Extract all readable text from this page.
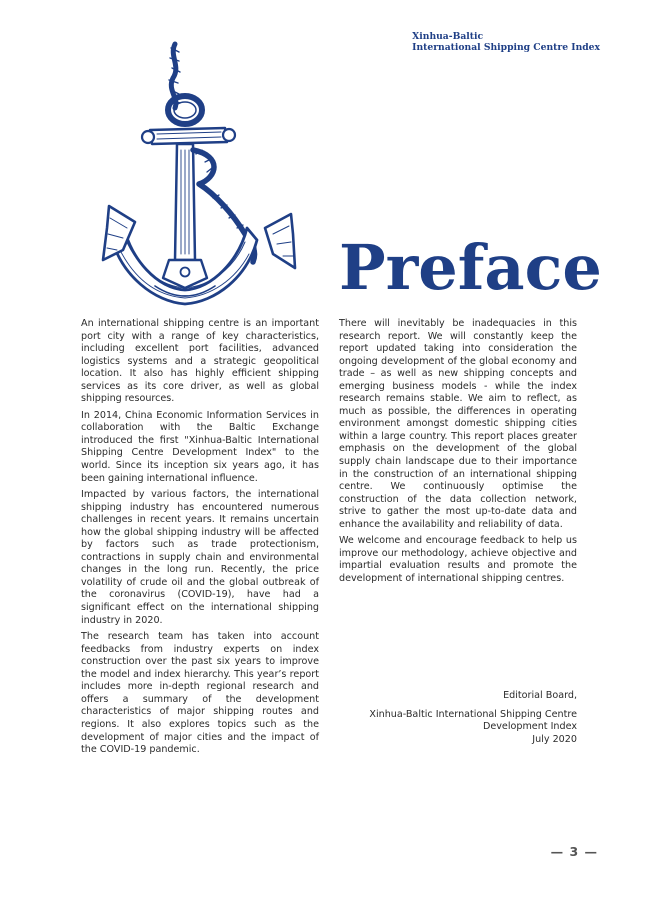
Xinhua-Baltic
International Shipping Centre Index
Preface

An international shipping centre is an important port city with a range of key characteristics, including excellent port facilities, advanced logistics systems and a strategic geopolitical location. It also has highly efficient shipping services as its core driver, as well as global shipping resources.

In 2014, China Economic Information Services in collaboration with the Baltic Exchange introduced the first "Xinhua-Baltic International Shipping Centre Development Index" to the world. Since its inception six years ago, it has been gaining international influence.

Impacted by various factors, the international shipping industry has encountered numerous challenges in recent years. It remains uncertain how the global shipping industry will be affected by factors such as trade protectionism, contractions in supply chain and environmental changes in the long run. Recently, the price volatility of crude oil and the global outbreak of the coronavirus (COVID-19), have had a significant effect on the international shipping industry in 2020.

The research team has taken into account feedbacks from industry experts on index construction over the past six years to improve the model and index hierarchy. This year’s report includes more in-depth regional research and offers a summary of the development characteristics of major shipping routes and regions. It also explores topics such as the development of major cities and the impact of the COVID-19 pandemic.

There will inevitably be inadequacies in this research report. We will constantly keep the report updated taking into consideration the ongoing development of the global economy and trade – as well as new shipping concepts and emerging business models - while the index research remains stable. We aim to reflect, as much as possible, the differences in operating environment amongst domestic shipping cities within a large country. This report places greater emphasis on the development of the global supply chain landscape due to their importance in the construction of an international shipping centre. We continuously optimise the construction of the data collection network, strive to gather the most up-to-date data and enhance the availability and reliability of data.

We welcome and encourage feedback to help us improve our methodology, achieve objective and impartial evaluation results and promote the development of international shipping centres.

Editorial Board,
Xinhua-Baltic International Shipping Centre
Development Index
July 2020
— 3 —
